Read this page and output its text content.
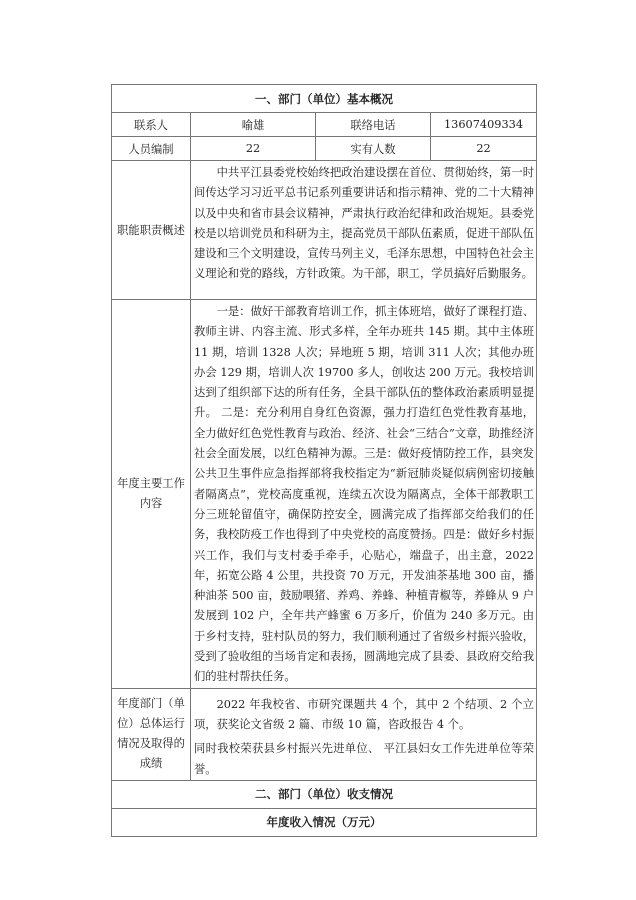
一、部门（单位）基本概况			
联系人	喻雄	联络电话	13607409334
人员编制	22	实有人数	22
职能职责概述	中共平江县委党校始终把政治建设摆在首位、贯彻始终，第一时间传达学习习近平总书记系列重要讲话和指示精神、党的二十大精神以及中央和省市县会议精神，严肃执行政治纪律和政治规矩。县委党校是以培训党员和科研为主，提高党员干部队伍素质，促进干部队伍建设和三个文明建设，宣传马列主义，毛泽东思想，中国特色社会主义理论和党的路线，方针政策。为干部，职工，学员搞好后勤服务。		

年度主要工作内容	一是：做好干部教育培训工作，抓主体班培，做好了课程打造、教师主讲、内容主流、形式多样，全年办班共 145 期。其中主体班 11 期，培训 1328 人次；异地班 5 期，培训 311 人次；其他办班办会 129 期，培训人次 19700 多人，创收达 200 万元。我校培训达到了组织部下达的所有任务，全县干部队伍的整体政治素质明显提升。 二是：充分利用自身红色资源，强力打造红色党性教育基地，全力做好红色党性教育与政治、经济、社会“三结合”文章，助推经济社会全面发展，以红色精神为源。三是：做好疫情防控工作，县突发公共卫生事件应急指挥部将我校指定为“新冠肺炎疑似病例密切接触者隔离点”，党校高度重视，连续五次设为隔离点，全体干部教职工分三班轮留值守，确保防控安全，圆满完成了指挥部交给我们的任务，我校防疫工作也得到了中央党校的高度赞扬。四是：做好乡村振兴工作，我们与支村委手牵手，心贴心，端盘子，出主意，2022 年，拓宽公路 4 公里，共投资 70 万元，开发油茶基地 300 亩，播种油茶 500 亩，鼓励喂猪、养鸡、养蜂、种植青椒等，养蜂从 9 户发展到 102 户，全年共产蜂蜜 6 万多斤，价值为 240 多万元。由于乡村支持，驻村队员的努力，我们顺利通过了省级乡村振兴验收，受到了验收组的当场肯定和表扬，圆满地完成了县委、县政府交给我们的驻村帮扶任务。		

年度部门（单位）总体运行情况及取得的成绩	2022 年我校省、市研究课题共 4 个，其中 2 个结项、2 个立项，获奖论文省级 2 篇、市级 10 篇，咨政报告 4 个。

同时我校荣获县乡村振兴先进单位、 平江县妇女工作先进单位等荣誉。		

二、部门（单位）收支情况			
年度收入情况（万元）			
